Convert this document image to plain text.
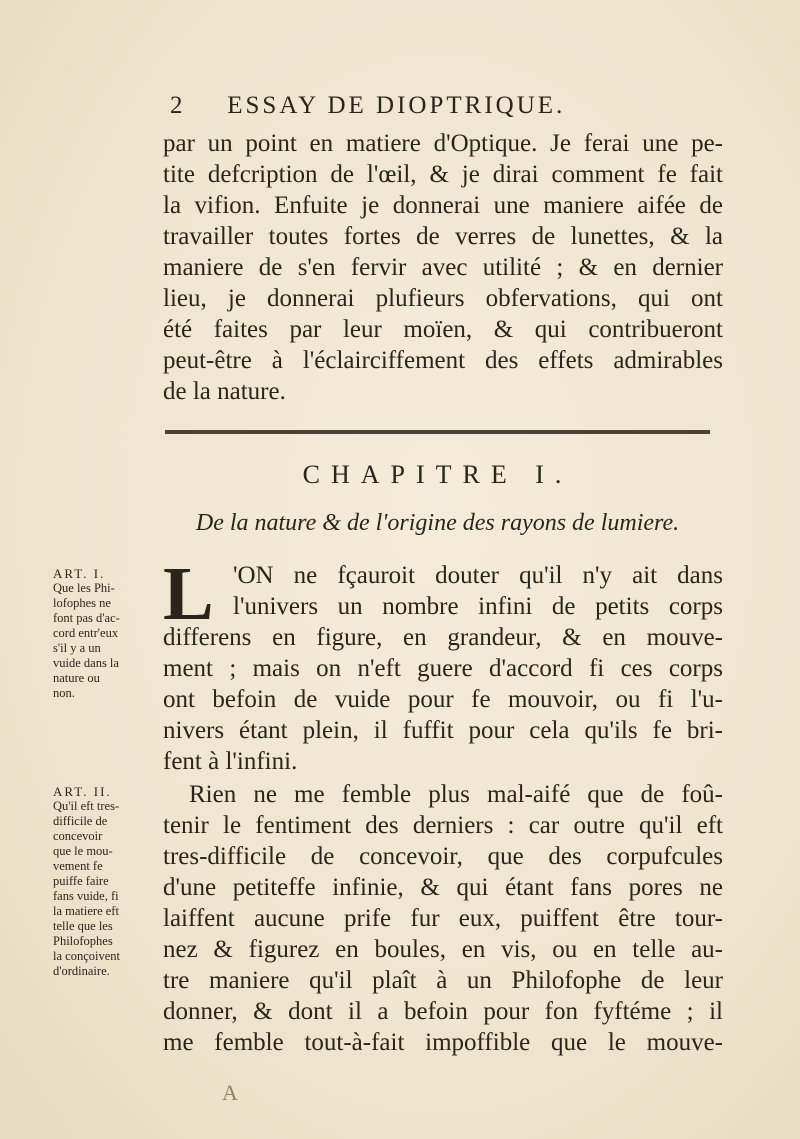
2 ESSAY DE DIOPTRIQUE.
par un point en matiere d'Optique. Je ferai une pe-
tite defcription de l'œil, & je dirai comment fe fait
la vifion. Enfuite je donnerai une maniere aifée de
travailler toutes fortes de verres de lunettes, & la
maniere de s'en fervir avec utilité ; & en dernier
lieu, je donnerai plufieurs obfervations, qui ont
été faites par leur moïen, & qui contribueront
peut-être à l'éclairciffement des effets admirables
de la nature.
CHAPITRE I.
De la nature & de l'origine des rayons de lumiere.
L 'ON ne fçauroit douter qu'il n'y ait dans
l'univers un nombre infini de petits corps
differens en figure, en grandeur, & en mouve-
ment ; mais on n'eft guere d'accord fi ces corps
ont befoin de vuide pour fe mouvoir, ou fi l'u-
nivers étant plein, il fuffit pour cela qu'ils fe bri-
fent à l'infini.
Rien ne me femble plus mal-aifé que de foû-
tenir le fentiment des derniers : car outre qu'il eft
tres-difficile de concevoir, que des corpufcules
d'une petiteffe infinie, & qui étant fans pores ne
laiffent aucune prife fur eux, puiffent être tour-
nez & figurez en boules, en vis, ou en telle au-
tre maniere qu'il plaît à un Philofophe de leur
donner, & dont il a befoin pour fon fyftéme ; il
me femble tout-à-fait impoffible que le mouve-
ART. I.
Que les Phi-
lofophes ne
font pas d'ac-
cord entr'eux
s'il y a un
vuide dans la
nature ou
non.
ART. II.
Qu'il eft tres-
difficile de
concevoir
que le mou-
vement fe
puiffe faire
fans vuide, fi
la matiere eft
telle que les
Philofophes
la conçoivent
d'ordinaire.
A
